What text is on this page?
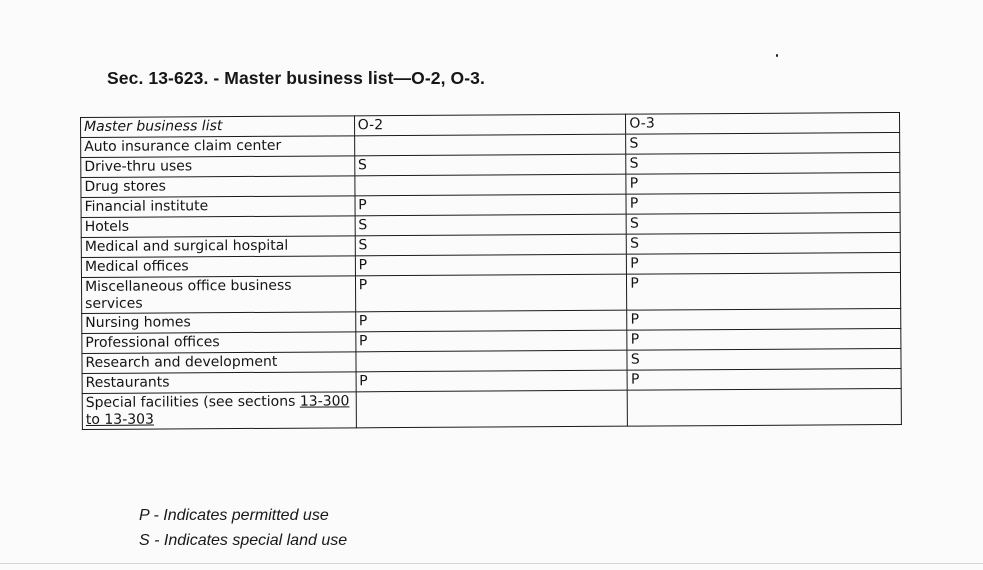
Sec. 13-623. - Master business list—O-2, O-3.
Master business list	O-2	O-3
Auto insurance claim center		S
Drive-thru uses	S	S
Drug stores		P
Financial institute	P	P
Hotels	S	S
Medical and surgical hospital	S	S
Medical offices	P	P
Miscellaneous office business services	P	P
Nursing homes	P	P
Professional offices	P	P
Research and development		S
Restaurants	P	P
Special facilities (see sections 13-300 to 13-303		
P - Indicates permitted use
S - Indicates special land use
